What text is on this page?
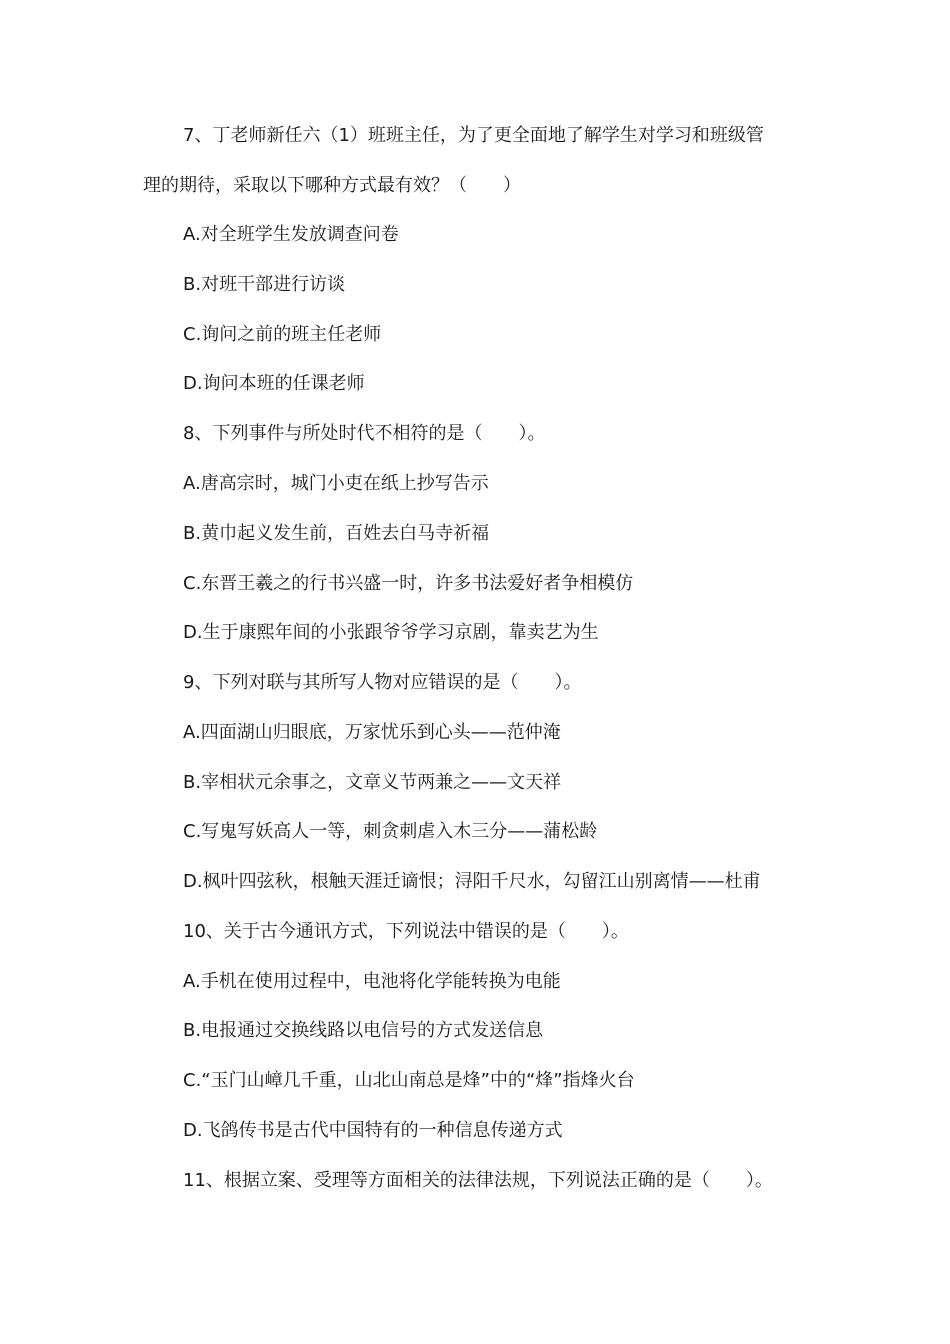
7、丁老师新任六（1）班班主任，为了更全面地了解学生对学习和班级管
理的期待，采取以下哪种方式最有效？（　　）
A.对全班学生发放调查问卷
B.对班干部进行访谈
C.询问之前的班主任老师
D.询问本班的任课老师
8、下列事件与所处时代不相符的是（　　）。
A.唐高宗时，城门小吏在纸上抄写告示
B.黄巾起义发生前，百姓去白马寺祈福
C.东晋王羲之的行书兴盛一时，许多书法爱好者争相模仿
D.生于康熙年间的小张跟爷爷学习京剧，靠卖艺为生
9、下列对联与其所写人物对应错误的是（　　）。
A.四面湖山归眼底，万家忧乐到心头——范仲淹
B.宰相状元余事之，文章义节两兼之——文天祥
C.写鬼写妖高人一等，刺贪刺虐入木三分——蒲松龄
D.枫叶四弦秋，根触天涯迁谪恨；浔阳千尺水，勾留江山别离情——杜甫
10、关于古今通讯方式，下列说法中错误的是（　　）。
A.手机在使用过程中，电池将化学能转换为电能
B.电报通过交换线路以电信号的方式发送信息
C.“玉门山嶂几千重，山北山南总是烽”中的“烽”指烽火台
D.飞鸽传书是古代中国特有的一种信息传递方式
11、根据立案、受理等方面相关的法律法规，下列说法正确的是（　　）。
